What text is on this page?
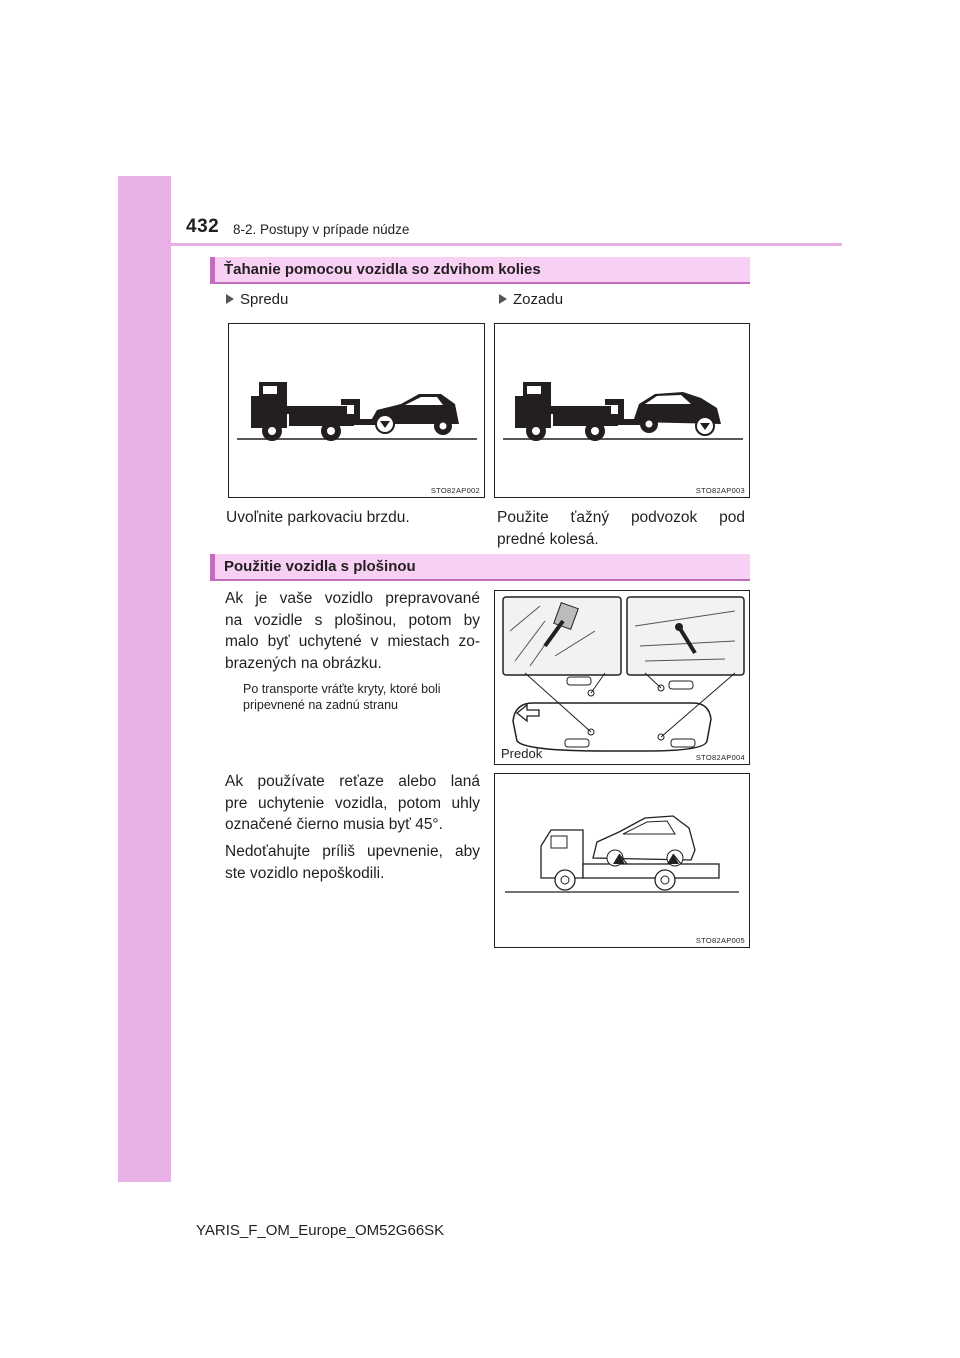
432 8-2. Postupy v prípade núdze
Ťahanie pomocou vozidla so zdvihom kolies
Spredu	Zozadu
STO82AP002	STO82AP003
Uvoľnite parkovaciu brzdu.	Použite ťažný podvozok pod
predné kolesá.
Použitie vozidla s plošinou
Ak je vaše vozidlo prepravované
na vozidle s plošinou, potom by
malo byť uchytené v miestach zo-
brazených na obrázku.
Po transporte vráťte kryty, ktoré boli
pripevnené na zadnú stranu
Predok	STO82AP004
Ak používate reťaze alebo laná
pre uchytenie vozidla, potom uhly
označené čierno musia byť 45°.
Nedoťahujte príliš upevnenie, aby
ste vozidlo nepoškodili.
STO82AP005
YARIS_F_OM_Europe_OM52G66SK
